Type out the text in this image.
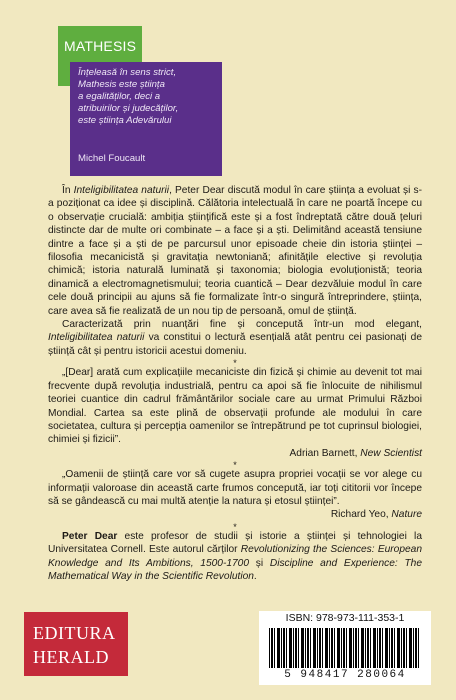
MATHESIS
Înțeleasă în sens strict,
Mathesis este știința
a egalităților, deci a
atribuirilor și judecăților,
este știința Adevărului
Michel Foucault

În Inteligibilitatea naturii, Peter Dear discută modul în care știința a evoluat și s-a poziționat ca idee și disciplină. Călătoria intelectuală în care ne poartă începe cu o observație crucială: ambiția științifică este și a fost îndreptată către două țeluri distincte dar de multe ori combinate – a face și a ști. Delimitând această tensiune dintre a face și a ști de pe parcursul unor episoade cheie din istoria științei – filosofia mecanicistă și gravitația newtoniană; afinitățile elective și revoluția chimică; istoria naturală luminată și taxonomia; biologia evoluționistă; teoria dinamică a electromagnetismului; teoria cuantică – Dear dezvăluie modul în care cele două principii au ajuns să fie formalizate într-o singură întreprindere, știința, care avea să fie realizată de un nou tip de persoană, omul de știință.

Caracterizată prin nuanțări fine și concepută într-un mod elegant, Inteligibilitatea naturii va constitui o lectură esențială atât pentru cei pasionați de știință cât și pentru istoricii acestui domeniu.

*

„[Dear] arată cum explicațiile mecaniciste din fizică și chimie au devenit tot mai frecvente după revoluția industrială, pentru ca apoi să fie înlocuite de nihilismul teoriei cuantice din cadrul frământărilor sociale care au urmat Primului Război Mondial. Cartea sa este plină de observații profunde ale modului în care societatea, cultura și percepția oamenilor se întrepătrund pe tot cuprinsul biologiei, chimiei și fizicii”.

Adrian Barnett, New Scientist

*

„Oamenii de știință care vor să cugete asupra propriei vocații se vor alege cu informații valoroase din această carte frumos concepută, iar toți cititorii vor începe să se gândească cu mai multă atenție la natura și etosul științei”.

Richard Yeo, Nature

*

Peter Dear este profesor de studii și istorie a științei și tehnologiei la Universitatea Cornell. Este autorul cărților Revolutionizing the Sciences: European Knowledge and Its Ambitions, 1500-1700 și Discipline and Experience: The Mathematical Way in the Scientific Revolution.

EDITURA
HERALD
ISBN: 978-973-111-353-1
5 948417 280064
